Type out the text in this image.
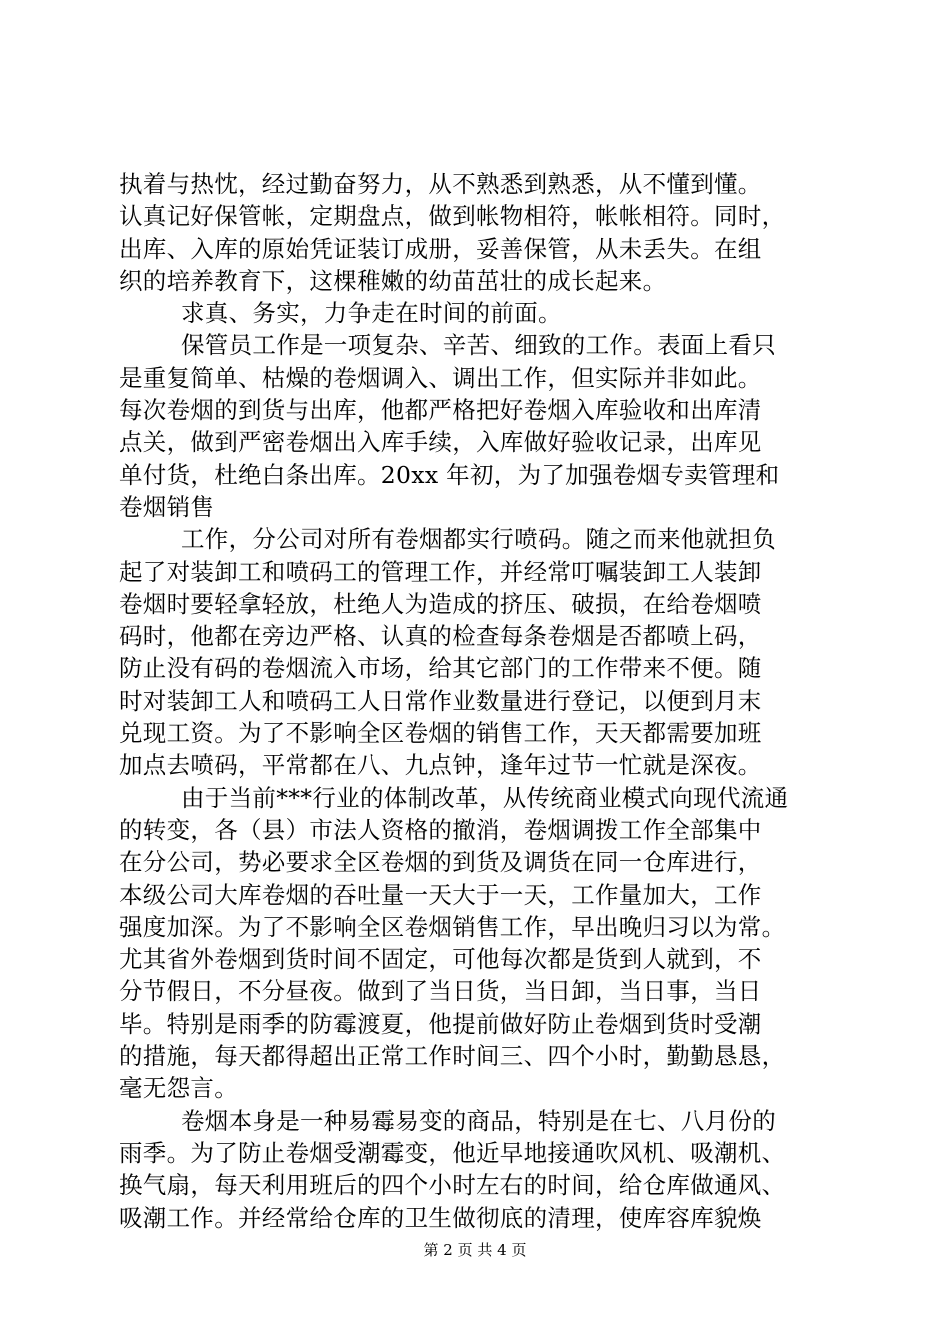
执着与热忱，经过勤奋努力，从不熟悉到熟悉，从不懂到懂。
认真记好保管帐，定期盘点，做到帐物相符，帐帐相符。同时，
出库、入库的原始凭证装订成册，妥善保管，从未丢失。在组
织的培养教育下，这棵稚嫩的幼苗茁壮的成长起来。
求真、务实，力争走在时间的前面。
保管员工作是一项复杂、辛苦、细致的工作。表面上看只
是重复简单、枯燥的卷烟调入、调出工作，但实际并非如此。
每次卷烟的到货与出库，他都严格把好卷烟入库验收和出库清
点关，做到严密卷烟出入库手续，入库做好验收记录，出库见
单付货，杜绝白条出库。20xx 年初，为了加强卷烟专卖管理和
卷烟销售
工作，分公司对所有卷烟都实行喷码。随之而来他就担负
起了对装卸工和喷码工的管理工作，并经常叮嘱装卸工人装卸
卷烟时要轻拿轻放，杜绝人为造成的挤压、破损，在给卷烟喷
码时，他都在旁边严格、认真的检查每条卷烟是否都喷上码，
防止没有码的卷烟流入市场，给其它部门的工作带来不便。随
时对装卸工人和喷码工人日常作业数量进行登记，以便到月末
兑现工资。为了不影响全区卷烟的销售工作，天天都需要加班
加点去喷码，平常都在八、九点钟，逢年过节一忙就是深夜。
由于当前***行业的体制改革，从传统商业模式向现代流通
的转变，各（县）市法人资格的撤消，卷烟调拨工作全部集中
在分公司，势必要求全区卷烟的到货及调货在同一仓库进行，
本级公司大库卷烟的吞吐量一天大于一天，工作量加大，工作
强度加深。为了不影响全区卷烟销售工作，早出晚归习以为常。
尤其省外卷烟到货时间不固定，可他每次都是货到人就到，不
分节假日，不分昼夜。做到了当日货，当日卸，当日事，当日
毕。特别是雨季的防霉渡夏，他提前做好防止卷烟到货时受潮
的措施，每天都得超出正常工作时间三、四个小时，勤勤恳恳，
毫无怨言。
卷烟本身是一种易霉易变的商品，特别是在七、八月份的
雨季。为了防止卷烟受潮霉变，他近早地接通吹风机、吸潮机、
换气扇，每天利用班后的四个小时左右的时间，给仓库做通风、
吸潮工作。并经常给仓库的卫生做彻底的清理，使库容库貌焕
第 2 页 共 4 页
